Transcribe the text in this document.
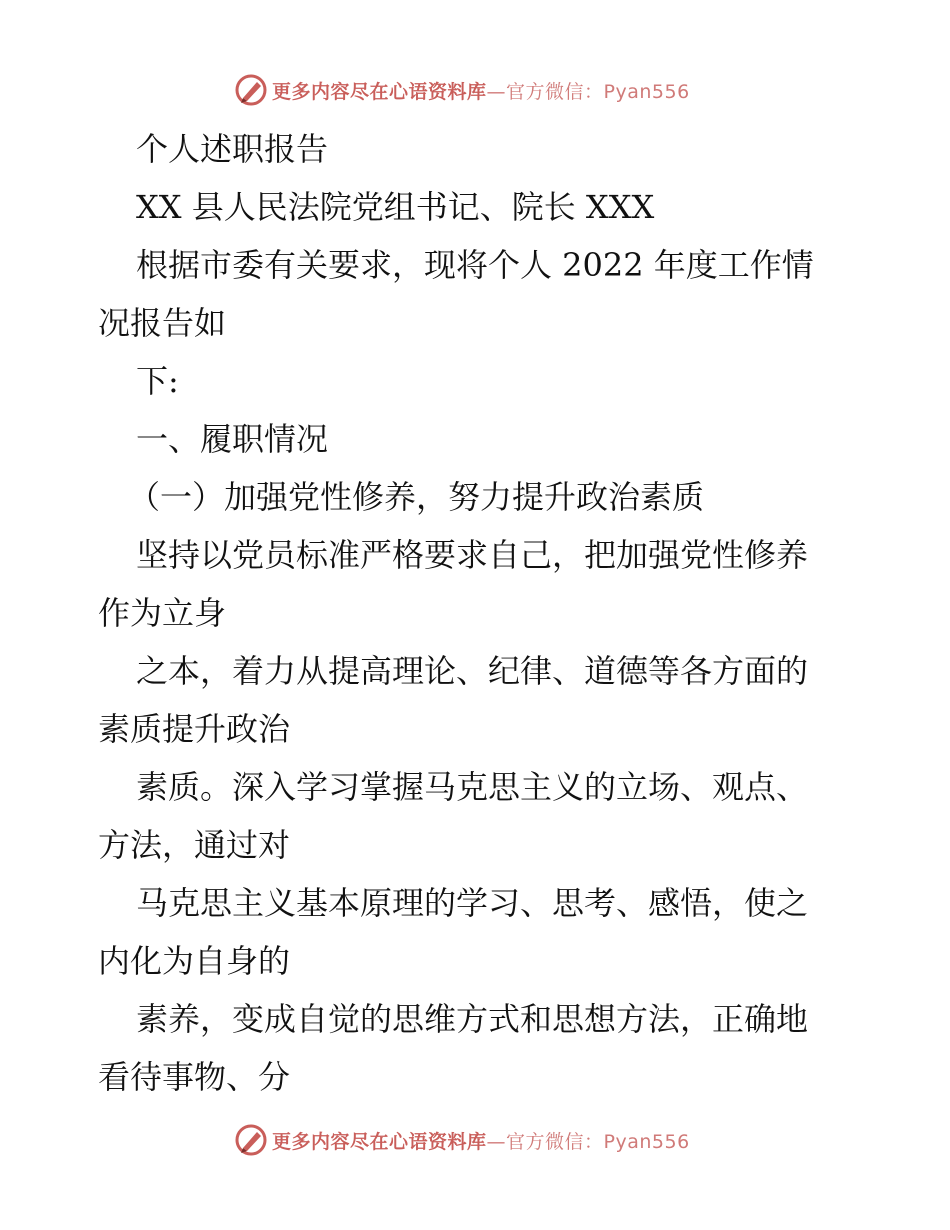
更多内容尽在心语资料库—官方微信：Pyan556
个人述职报告
XX 县人民法院党组书记、院长 XXX
根据市委有关要求，现将个人 2022 年度工作情
况报告如
下:
一、履职情况
（一）加强党性修养，努力提升政治素质
坚持以党员标准严格要求自己，把加强党性修养
作为立身
之本，着力从提高理论、纪律、道德等各方面的
素质提升政治
素质。深入学习掌握马克思主义的立场、观点、
方法，通过对
马克思主义基本原理的学习、思考、感悟，使之
内化为自身的
素养，变成自觉的思维方式和思想方法，正确地
看待事物、分
更多内容尽在心语资料库—官方微信：Pyan556
